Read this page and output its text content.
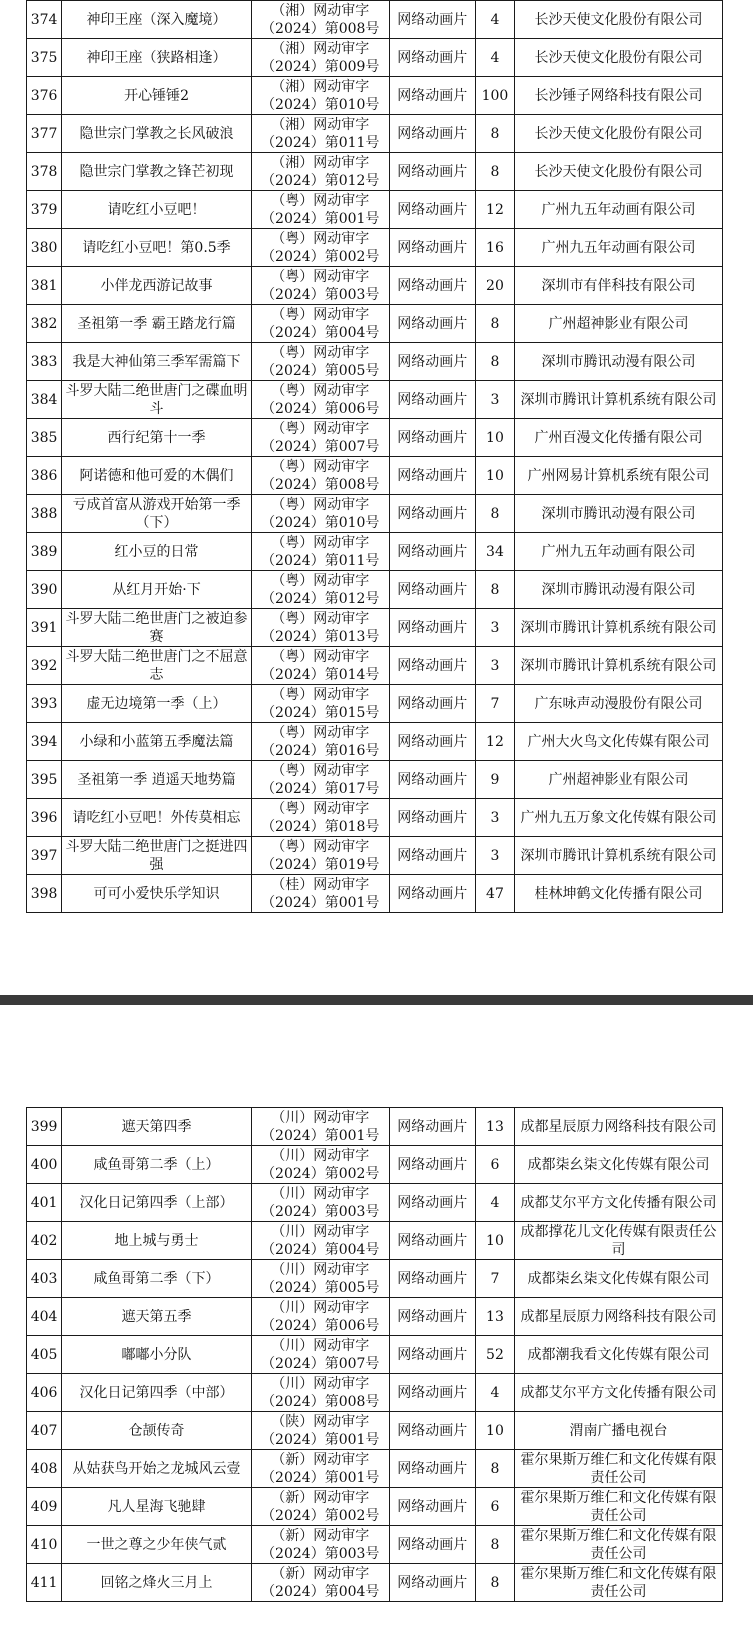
374	神印王座（深入魔境）	（湘）网动审字
（2024）第008号	网络动画片	4	长沙天使文化股份有限公司
375	神印王座（狭路相逢）	（湘）网动审字
（2024）第009号	网络动画片	4	长沙天使文化股份有限公司
376	开心锤锤2	（湘）网动审字
（2024）第010号	网络动画片	100	长沙锤子网络科技有限公司
377	隐世宗门掌教之长风破浪	（湘）网动审字
（2024）第011号	网络动画片	8	长沙天使文化股份有限公司
378	隐世宗门掌教之锋芒初现	（湘）网动审字
（2024）第012号	网络动画片	8	长沙天使文化股份有限公司
379	请吃红小豆吧！	（粤）网动审字
（2024）第001号	网络动画片	12	广州九五年动画有限公司
380	请吃红小豆吧！第0.5季	（粤）网动审字
（2024）第002号	网络动画片	16	广州九五年动画有限公司
381	小伴龙西游记故事	（粤）网动审字
（2024）第003号	网络动画片	20	深圳市有伴科技有限公司
382	圣祖第一季 霸王踏龙行篇	（粤）网动审字
（2024）第004号	网络动画片	8	广州超神影业有限公司
383	我是大神仙第三季军需篇下	（粤）网动审字
（2024）第005号	网络动画片	8	深圳市腾讯动漫有限公司
384	斗罗大陆二绝世唐门之碟血明斗	（粤）网动审字
（2024）第006号	网络动画片	3	深圳市腾讯计算机系统有限公司
385	西行纪第十一季	（粤）网动审字
（2024）第007号	网络动画片	10	广州百漫文化传播有限公司
386	阿诺德和他可爱的木偶们	（粤）网动审字
（2024）第008号	网络动画片	10	广州网易计算机系统有限公司
388	亏成首富从游戏开始第一季（下）	（粤）网动审字
（2024）第010号	网络动画片	8	深圳市腾讯动漫有限公司
389	红小豆的日常	（粤）网动审字
（2024）第011号	网络动画片	34	广州九五年动画有限公司
390	从红月开始·下	（粤）网动审字
（2024）第012号	网络动画片	8	深圳市腾讯动漫有限公司
391	斗罗大陆二绝世唐门之被迫参赛	（粤）网动审字
（2024）第013号	网络动画片	3	深圳市腾讯计算机系统有限公司
392	斗罗大陆二绝世唐门之不屈意志	（粤）网动审字
（2024）第014号	网络动画片	3	深圳市腾讯计算机系统有限公司
393	虚无边境第一季（上）	（粤）网动审字
（2024）第015号	网络动画片	7	广东咏声动漫股份有限公司
394	小绿和小蓝第五季魔法篇	（粤）网动审字
（2024）第016号	网络动画片	12	广州大火鸟文化传媒有限公司
395	圣祖第一季 逍遥天地势篇	（粤）网动审字
（2024）第017号	网络动画片	9	广州超神影业有限公司
396	请吃红小豆吧！外传莫相忘	（粤）网动审字
（2024）第018号	网络动画片	3	广州九五万象文化传媒有限公司
397	斗罗大陆二绝世唐门之挺进四强	（粤）网动审字
（2024）第019号	网络动画片	3	深圳市腾讯计算机系统有限公司
398	可可小爱快乐学知识	（桂）网动审字
（2024）第001号	网络动画片	47	桂林坤鹤文化传播有限公司
399	遮天第四季	（川）网动审字
（2024）第001号	网络动画片	13	成都星辰原力网络科技有限公司
400	咸鱼哥第二季（上）	（川）网动审字
（2024）第002号	网络动画片	6	成都柒幺柒文化传媒有限公司
401	汉化日记第四季（上部）	（川）网动审字
（2024）第003号	网络动画片	4	成都艾尔平方文化传播有限公司
402	地上城与勇士	（川）网动审字
（2024）第004号	网络动画片	10	成都撑花儿文化传媒有限责任公司
403	咸鱼哥第二季（下）	（川）网动审字
（2024）第005号	网络动画片	7	成都柒幺柒文化传媒有限公司
404	遮天第五季	（川）网动审字
（2024）第006号	网络动画片	13	成都星辰原力网络科技有限公司
405	嘟嘟小分队	（川）网动审字
（2024）第007号	网络动画片	52	成都潮我看文化传媒有限公司
406	汉化日记第四季（中部）	（川）网动审字
（2024）第008号	网络动画片	4	成都艾尔平方文化传播有限公司
407	仓颉传奇	（陕）网动审字
（2024）第001号	网络动画片	10	渭南广播电视台
408	从姑获鸟开始之龙城风云壹	（新）网动审字
（2024）第001号	网络动画片	8	霍尔果斯万维仁和文化传媒有限责任公司
409	凡人星海飞驰肆	（新）网动审字
（2024）第002号	网络动画片	6	霍尔果斯万维仁和文化传媒有限责任公司
410	一世之尊之少年侠气贰	（新）网动审字
（2024）第003号	网络动画片	8	霍尔果斯万维仁和文化传媒有限责任公司
411	回铭之烽火三月上	（新）网动审字
（2024）第004号	网络动画片	8	霍尔果斯万维仁和文化传媒有限责任公司
